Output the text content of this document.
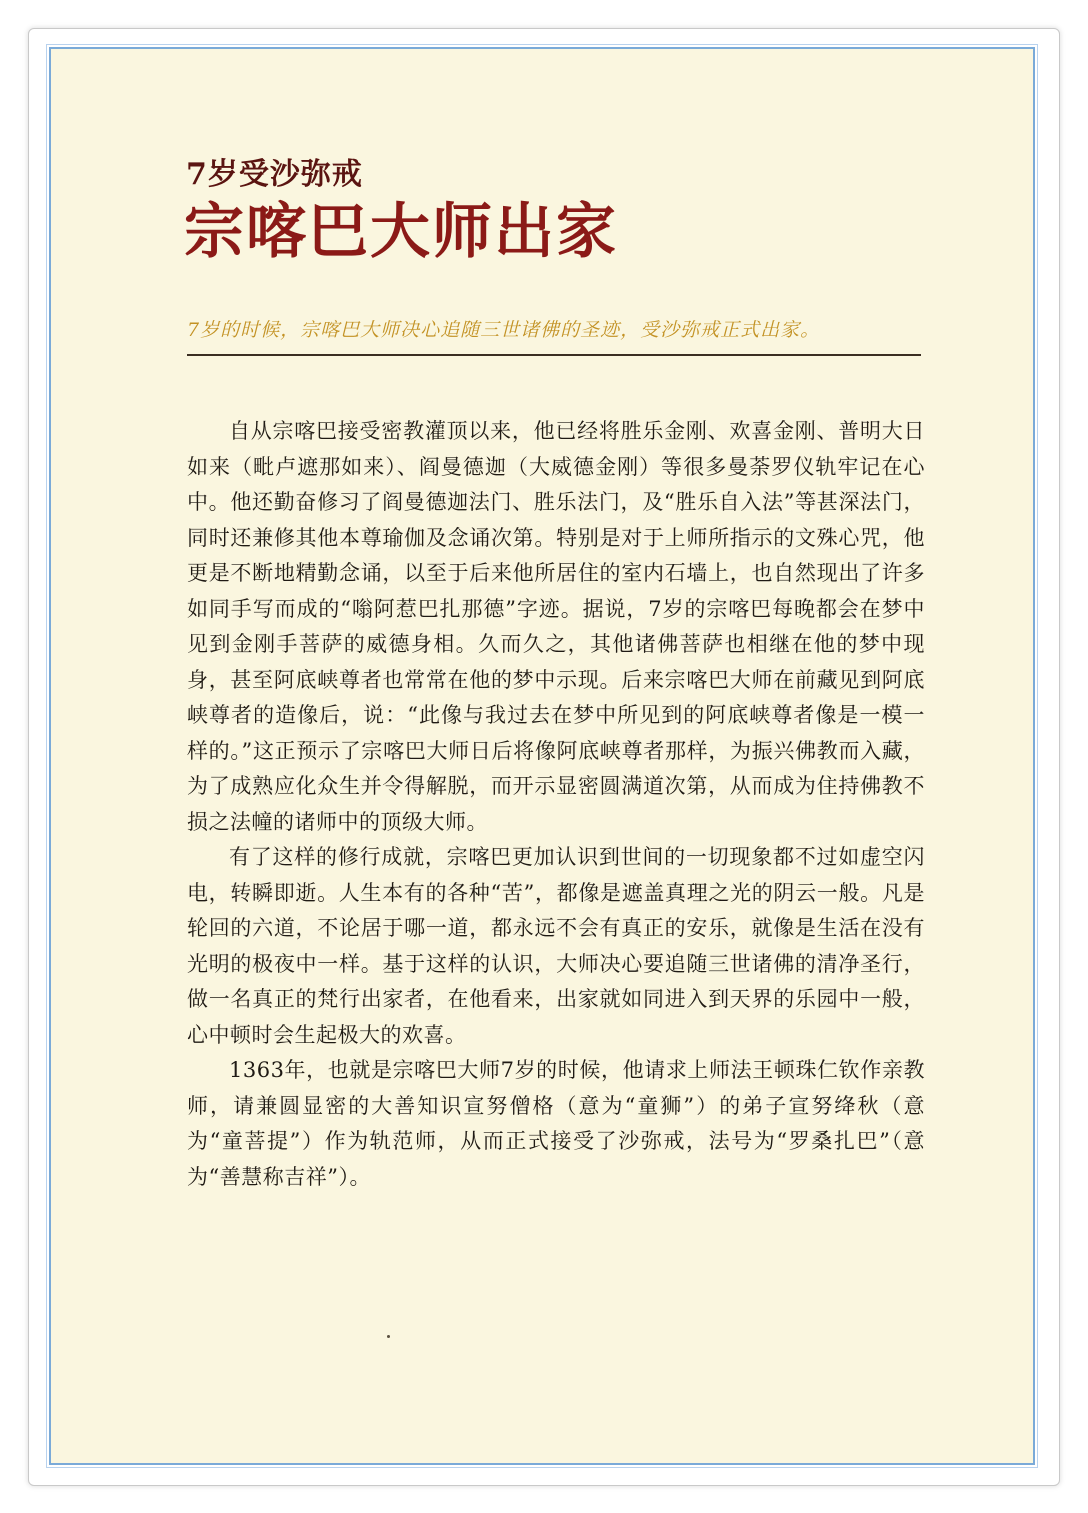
7岁受沙弥戒
宗喀巴大师出家

7岁的时候，宗喀巴大师决心追随三世诸佛的圣迹，受沙弥戒正式出家。

自从宗喀巴接受密教灌顶以来，他已经将胜乐金刚、欢喜金刚、普明大日如来（毗卢遮那如来）、阎曼德迦（大威德金刚）等很多曼荼罗仪轨牢记在心中。他还勤奋修习了阎曼德迦法门、胜乐法门，及“胜乐自入法”等甚深法门，同时还兼修其他本尊瑜伽及念诵次第。特别是对于上师所指示的文殊心咒，他更是不断地精勤念诵，以至于后来他所居住的室内石墙上，也自然现出了许多如同手写而成的“嗡阿惹巴扎那德”字迹。据说，7岁的宗喀巴每晚都会在梦中见到金刚手菩萨的威德身相。久而久之，其他诸佛菩萨也相继在他的梦中现身，甚至阿底峡尊者也常常在他的梦中示现。后来宗喀巴大师在前藏见到阿底峡尊者的造像后，说：“此像与我过去在梦中所见到的阿底峡尊者像是一模一样的。”这正预示了宗喀巴大师日后将像阿底峡尊者那样，为振兴佛教而入藏，为了成熟应化众生并令得解脱，而开示显密圆满道次第，从而成为住持佛教不损之法幢的诸师中的顶级大师。

有了这样的修行成就，宗喀巴更加认识到世间的一切现象都不过如虚空闪电，转瞬即逝。人生本有的各种“苦”，都像是遮盖真理之光的阴云一般。凡是轮回的六道，不论居于哪一道，都永远不会有真正的安乐，就像是生活在没有光明的极夜中一样。基于这样的认识，大师决心要追随三世诸佛的清净圣行，做一名真正的梵行出家者，在他看来，出家就如同进入到天界的乐园中一般，心中顿时会生起极大的欢喜。

1363年，也就是宗喀巴大师7岁的时候，他请求上师法王顿珠仁钦作亲教师，请兼圆显密的大善知识宣努僧格（意为“童狮”）的弟子宣努绛秋（意为“童菩提”）作为轨范师，从而正式接受了沙弥戒，法号为“罗桑扎巴”（意为“善慧称吉祥”）。
